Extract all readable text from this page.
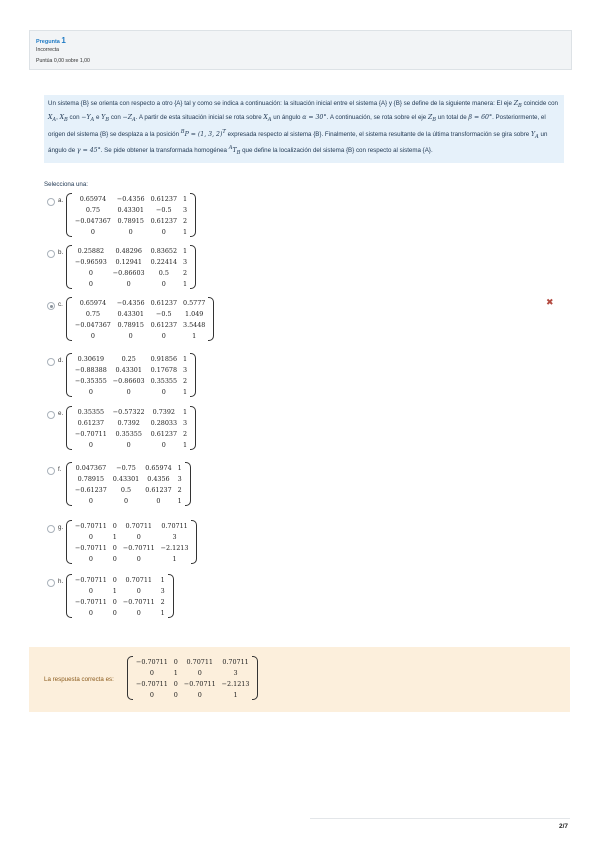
Pregunta 1
Incorrecta
Puntúa 0,00 sobre 1,00
Un sistema {B} se orienta con respecto a otro {A} tal y como se indica a continuación: la situación inicial entre el sistema {A} y {B} se define de la siguiente manera: El eje $Z_B$ coincide con $X_A$, $X_B$ con $-Y_A$ e $Y_B$ con $-Z_A$. A partir de esta situación inicial se rota sobre $X_A$ un ángulo α = 30°. A continuación, se rota sobre el eje $Z_B$ un total de β = 60°. Posteriormente, el origen del sistema {B} se desplaza a la posición $^B$P = (1, 3, 2)$^T$ expresada respecto al sistema {B}. Finalmente, el sistema resultante de la última transformación se gira sobre $Y_A$ un ángulo de γ = 45°. Se pide obtener la transformada homogénea $^AT_B$ que define la localización del sistema {B} con respecto al sistema {A}.
Selecciona una:
a.	0.65974	−0.4356	0.61237	1
0.75	0.43301	−0.5	3
−0.047367	0.78915	0.61237	2
0	0	0	1
b. 0.25882	0.48296	0.83652	1
−0.96593	0.12941	0.22414	3
0	−0.86603	0.5	2
0	0	0	1
c.	0.65974	−0.4356	0.61237	0.5777
0.75	0.43301	−0.5	1.049
−0.047367	0.78915	0.61237	3.5448
0	0	0	1
d. 0.30619	0.25	0.91856	1
−0.88388	0.43301	0.17678	3
−0.35355	−0.86603	0.35355	2
0	0	0	1
e. 0.35355	−0.57322	0.7392	1
0.61237	0.7392	0.28033	3
−0.70711	0.35355	0.61237	2
0	0	0	1
f. 0.047367	−0.75	0.65974	1
0.78915	0.43301	0.4356	3
−0.61237	0.5	0.61237	2
0	0	0	1
g. −0.70711	0	0.70711	0.70711
0	1	0	3
−0.70711	0	−0.70711	−2.1213
0	0	0	1
h. −0.70711	0	0.70711	1
0	1	0	3
−0.70711	0	−0.70711	2
0	0	0	1
✖
La respuesta correcta es:
−0.70711	0	0.70711	0.70711
0	1	0	3
−0.70711	0	−0.70711	−2.1213
0	0	0	1
2/7
